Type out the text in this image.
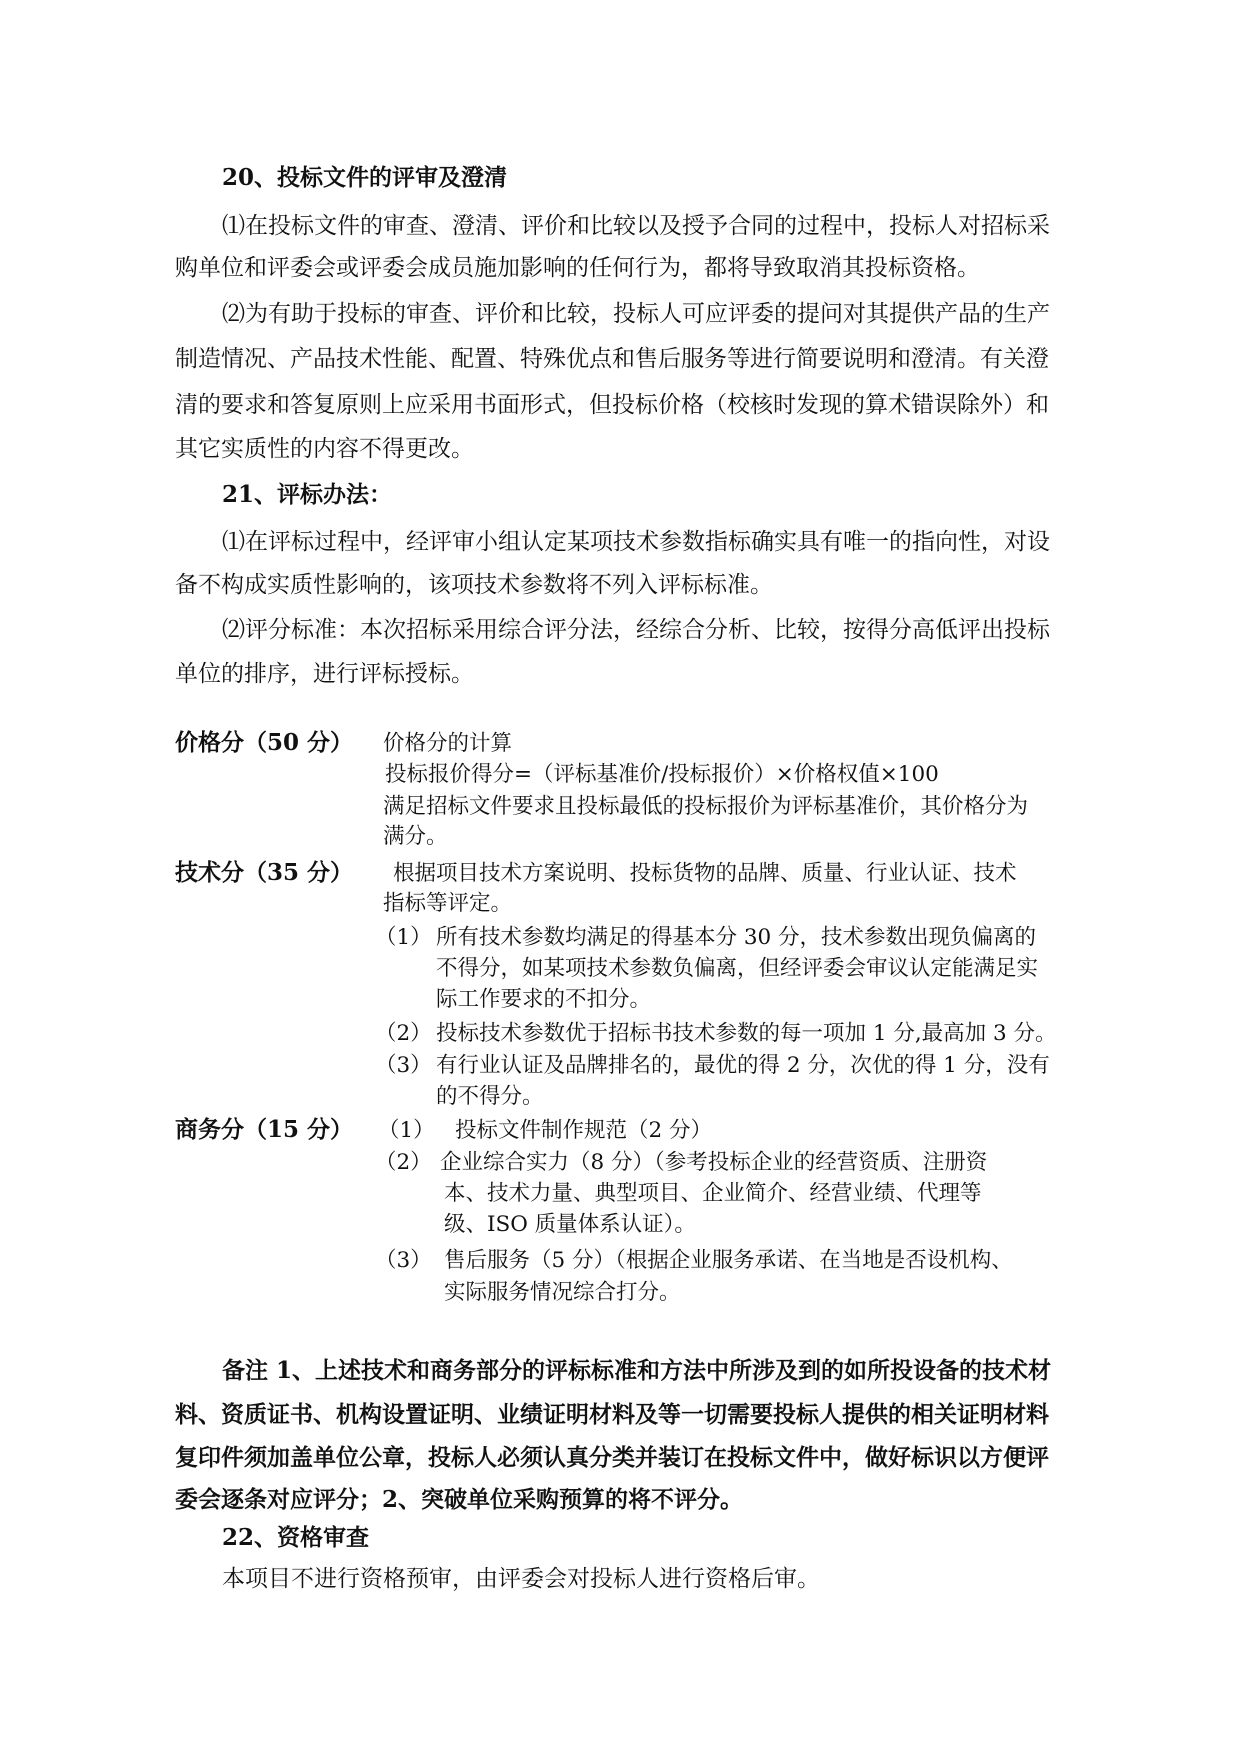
20、投标文件的评审及澄清

⑴在投标文件的审查、澄清、评价和比较以及授予合同的过程中，投标人对招标采

购单位和评委会或评委会成员施加影响的任何行为，都将导致取消其投标资格。

⑵为有助于投标的审查、评价和比较，投标人可应评委的提问对其提供产品的生产

制造情况、产品技术性能、配置、特殊优点和售后服务等进行简要说明和澄清。有关澄

清的要求和答复原则上应采用书面形式，但投标价格（校核时发现的算术错误除外）和

其它实质性的内容不得更改。

21、评标办法：

⑴在评标过程中，经评审小组认定某项技术参数指标确实具有唯一的指向性，对设

备不构成实质性影响的，该项技术参数将不列入评标标准。

⑵评分标准：本次招标采用综合评分法，经综合分析、比较，按得分高低评出投标

单位的排序，进行评标授标。

价格分（50 分） 价格分的计算

投标报价得分=（评标基准价/投标报价）×价格权值×100

满足招标文件要求且投标最低的投标报价为评标基准价，其价格分为

满分。

技术分（35 分） 根据项目技术方案说明、投标货物的品牌、质量、行业认证、技术

指标等评定。

（1） 所有技术参数均满足的得基本分 30 分，技术参数出现负偏离的

不得分，如某项技术参数负偏离，但经评委会审议认定能满足实

际工作要求的不扣分。

（2） 投标技术参数优于招标书技术参数的每一项加 1 分,最高加 3 分。

（3） 有行业认证及品牌排名的，最优的得 2 分，次优的得 1 分，没有

的不得分。

商务分（15 分） （1） 投标文件制作规范（2 分）

（2） 企业综合实力（8 分）（参考投标企业的经营资质、注册资

本、技术力量、典型项目、企业简介、经营业绩、代理等

级、ISO 质量体系认证）。

（3） 售后服务（5 分）（根据企业服务承诺、在当地是否设机构、

实际服务情况综合打分。

备注 1、上述技术和商务部分的评标标准和方法中所涉及到的如所投设备的技术材

料、资质证书、机构设置证明、业绩证明材料及等一切需要投标人提供的相关证明材料

复印件须加盖单位公章，投标人必须认真分类并装订在投标文件中，做好标识以方便评

委会逐条对应评分；2、突破单位采购预算的将不评分。

22、资格审查

本项目不进行资格预审，由评委会对投标人进行资格后审。
